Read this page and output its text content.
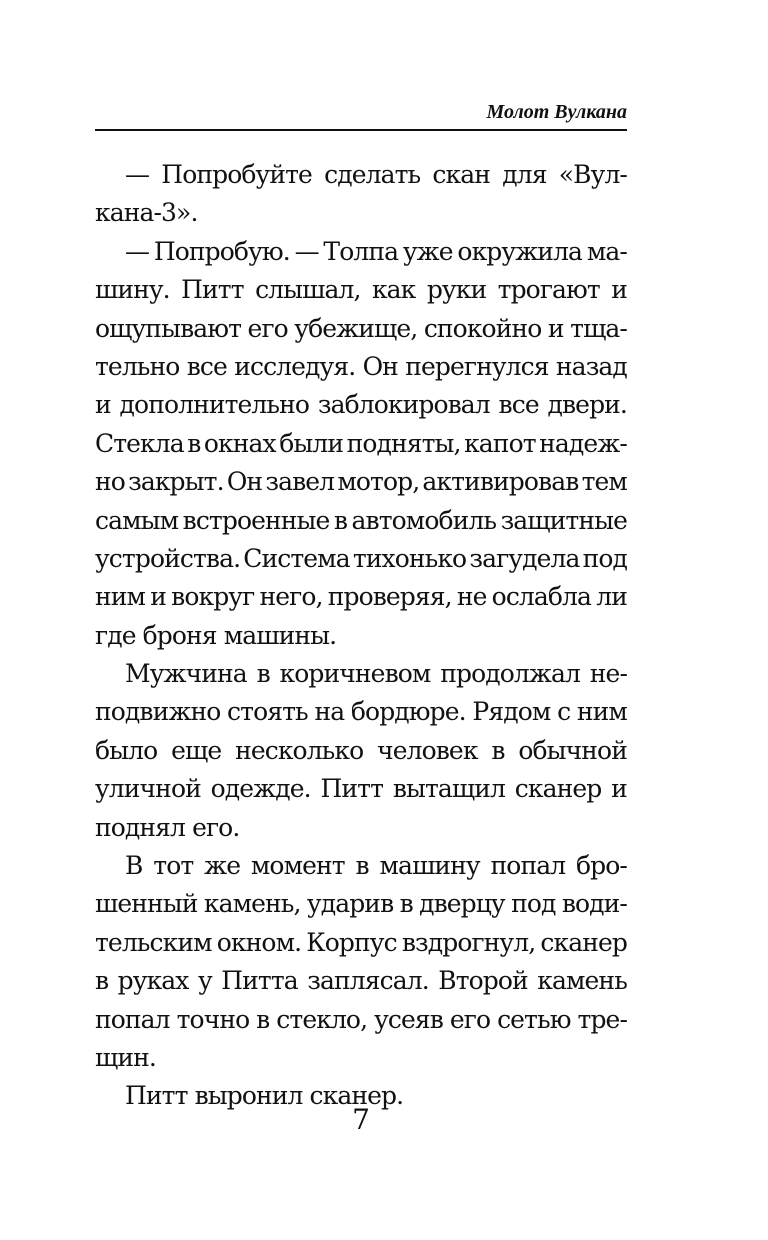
Молот Вулкана
— Попробуйте сделать скан для «Вул-
кана-3».
— Попробую. — Толпа уже окружила ма-
шину. Питт слышал, как руки трогают и
ощупывают его убежище, спокойно и тща-
тельно все исследуя. Он перегнулся назад
и дополнительно заблокировал все двери.
Стекла в окнах были подняты, капот надеж-
но закрыт. Он завел мотор, активировав тем
самым встроенные в автомобиль защитные
устройства. Система тихонько загудела под
ним и вокруг него, проверяя, не ослабла ли
где броня машины.
Мужчина в коричневом продолжал не-
подвижно стоять на бордюре. Рядом с ним
было еще несколько человек в обычной
уличной одежде. Питт вытащил сканер и
поднял его.
В тот же момент в машину попал бро-
шенный камень, ударив в дверцу под води-
тельским окном. Корпус вздрогнул, сканер
в руках у Питта заплясал. Второй камень
попал точно в стекло, усеяв его сетью тре-
щин.
Питт выронил сканер.
7
